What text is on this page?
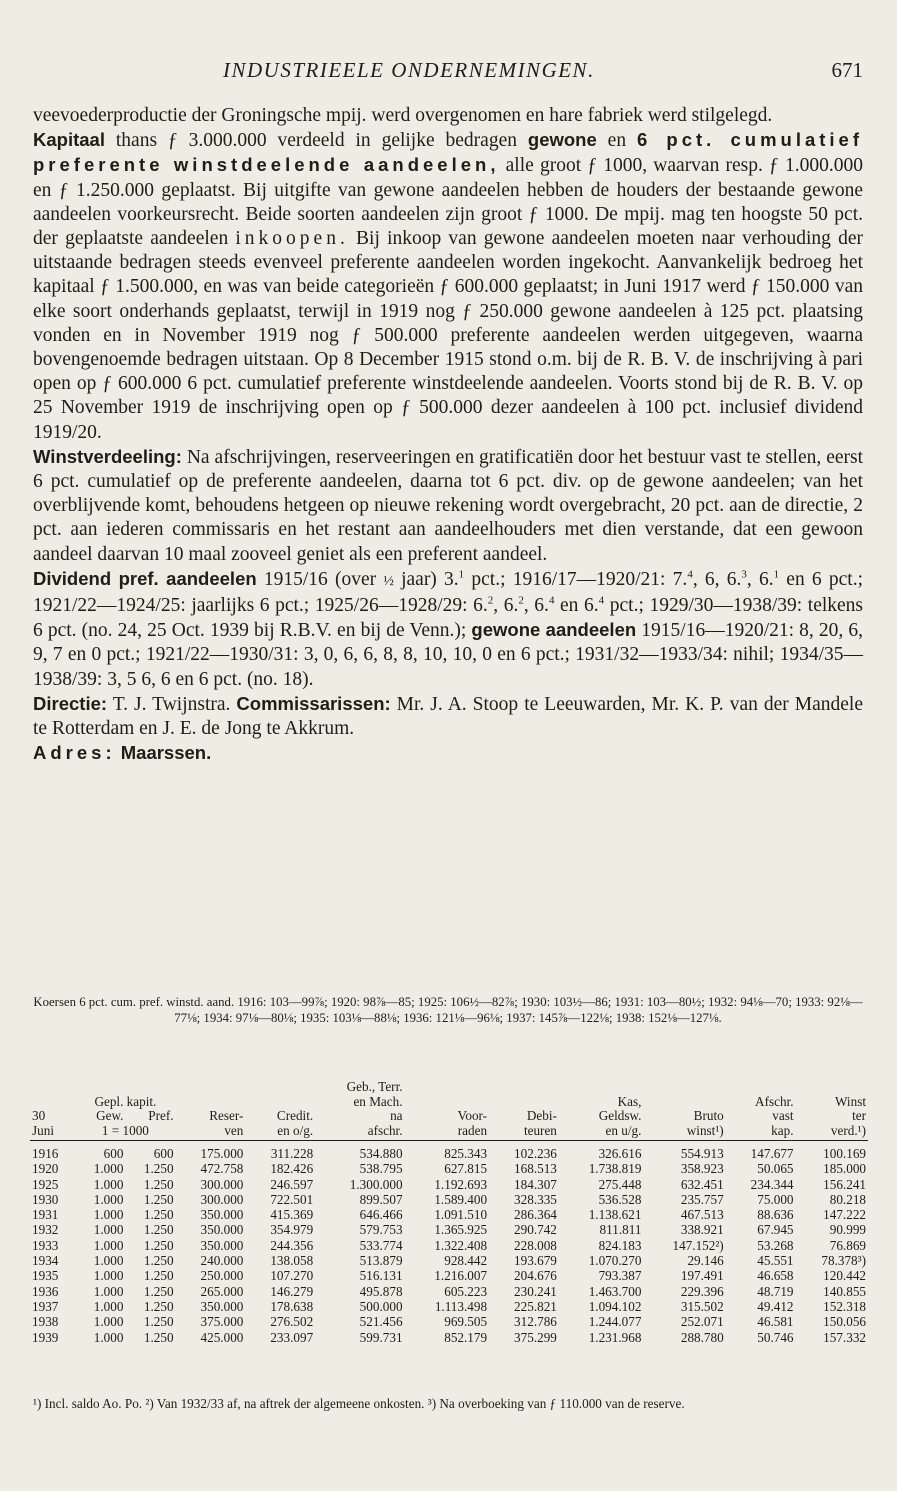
INDUSTRIEELE ONDERNEMINGEN.	671

veevoederproductie der Groningsche mpij. werd overgenomen en hare fabriek werd stilgelegd.

Kapitaal thans ƒ 3.000.000 verdeeld in gelijke bedragen gewone en 6 pct. cumulatief preferente winstdeelende aandeelen, alle groot ƒ 1000, waarvan resp. ƒ 1.000.000 en ƒ 1.250.000 geplaatst. Bij uitgifte van gewone aandeelen hebben de houders der bestaande gewone aandeelen voorkeursrecht. Beide soorten aandeelen zijn groot ƒ 1000. De mpij. mag ten hoogste 50 pct. der geplaatste aandeelen inkoopen. Bij inkoop van gewone aandeelen moeten naar verhouding der uitstaande bedragen steeds evenveel preferente aandeelen worden ingekocht. Aanvankelijk bedroeg het kapitaal ƒ 1.500.000, en was van beide categorieën ƒ 600.000 geplaatst; in Juni 1917 werd ƒ 150.000 van elke soort onderhands geplaatst, terwijl in 1919 nog ƒ 250.000 gewone aandeelen à 125 pct. plaatsing vonden en in November 1919 nog ƒ 500.000 preferente aandeelen werden uitgegeven, waarna bovengenoemde bedragen uitstaan. Op 8 December 1915 stond o.m. bij de R. B. V. de inschrijving à pari open op ƒ 600.000 6 pct. cumulatief preferente winstdeelende aandeelen. Voorts stond bij de R. B. V. op 25 November 1919 de inschrijving open op ƒ 500.000 dezer aandeelen à 100 pct. inclusief dividend 1919/20.

Winstverdeeling: Na afschrijvingen, reserveeringen en gratificatiën door het bestuur vast te stellen, eerst 6 pct. cumulatief op de preferente aandeelen, daarna tot 6 pct. div. op de gewone aandeelen; van het overblijvende komt, behoudens hetgeen op nieuwe rekening wordt overgebracht, 20 pct. aan de directie, 2 pct. aan iederen commissaris en het restant aan aandeelhouders met dien verstande, dat een gewoon aandeel daarvan 10 maal zooveel geniet als een preferent aandeel.

Dividend pref. aandeelen 1915/16 (over ½ jaar) 3.$^1$ pct.; 1916/17—1920/21: 7.$^4$, 6, 6.$^3$, 6.$^1$ en 6 pct.; 1921/22—1924/25: jaarlijks 6 pct.; 1925/26—1928/29: 6.$^2$, 6.$^2$, 6.$^4$ en 6.$^4$ pct.; 1929/30—1938/39: telkens 6 pct. (no. 24, 25 Oct. 1939 bij R.B.V. en bij de Venn.); gewone aandeelen 1915/16—1920/21: 8, 20, 6, 9, 7 en 0 pct.; 1921/22—1930/31: 3, 0, 6, 6, 8, 8, 10, 10, 0 en 6 pct.; 1931/32—1933/34: nihil; 1934/35—1938/39: 3, 5 6, 6 en 6 pct. (no. 18).

Directie: T. J. Twijnstra. Commissarissen: Mr. J. A. Stoop te Leeuwarden, Mr. K. P. van der Mandele te Rotterdam en J. E. de Jong te Akkrum.

Adres: Maarssen.

Koersen 6 pct. cum. pref. winstd. aand. 1916: 103—99⅞; 1920: 98⅞—85; 1925: 106½—82⅞; 1930: 103½—86; 1931: 103—80½; 1932: 94⅛—70; 1933: 92⅛—77⅛; 1934: 97⅛—80⅛; 1935: 103⅛—88⅛; 1936: 121⅛—96⅛; 1937: 145⅞—122⅛; 1938: 152⅛—127⅛.
					Geb., Terr.						
	Gepl. kapit.				en Mach.			Kas,		Afschr.	Winst
30	Gew.	Pref.	Reser-	Credit.	na	Voor-	Debi-	Geldsw.	Bruto	vast	ter
Juni	1 = 1000		ven	en o/g.	afschr.	raden	teuren	en u/g.	winst¹)	kap.	verd.¹)
1916	600	600	175.000	311.228	534.880	825.343	102.236	326.616	554.913	147.677	100.169
1920	1.000	1.250	472.758	182.426	538.795	627.815	168.513	1.738.819	358.923	50.065	185.000
1925	1.000	1.250	300.000	246.597	1.300.000	1.192.693	184.307	275.448	632.451	234.344	156.241
1930	1.000	1.250	300.000	722.501	899.507	1.589.400	328.335	536.528	235.757	75.000	80.218
1931	1.000	1.250	350.000	415.369	646.466	1.091.510	286.364	1.138.621	467.513	88.636	147.222
1932	1.000	1.250	350.000	354.979	579.753	1.365.925	290.742	811.811	338.921	67.945	90.999
1933	1.000	1.250	350.000	244.356	533.774	1.322.408	228.008	824.183	147.152²)	53.268	76.869
1934	1.000	1.250	240.000	138.058	513.879	928.442	193.679	1.070.270	29.146	45.551	78.378³)
1935	1.000	1.250	250.000	107.270	516.131	1.216.007	204.676	793.387	197.491	46.658	120.442
1936	1.000	1.250	265.000	146.279	495.878	605.223	230.241	1.463.700	229.396	48.719	140.855
1937	1.000	1.250	350.000	178.638	500.000	1.113.498	225.821	1.094.102	315.502	49.412	152.318
1938	1.000	1.250	375.000	276.502	521.456	969.505	312.786	1.244.077	252.071	46.581	150.056
1939	1.000	1.250	425.000	233.097	599.731	852.179	375.299	1.231.968	288.780	50.746	157.332
¹) Incl. saldo Ao. Po. ²) Van 1932/33 af, na aftrek der algemeene onkosten. ³) Na overboeking van ƒ 110.000 van de reserve.
